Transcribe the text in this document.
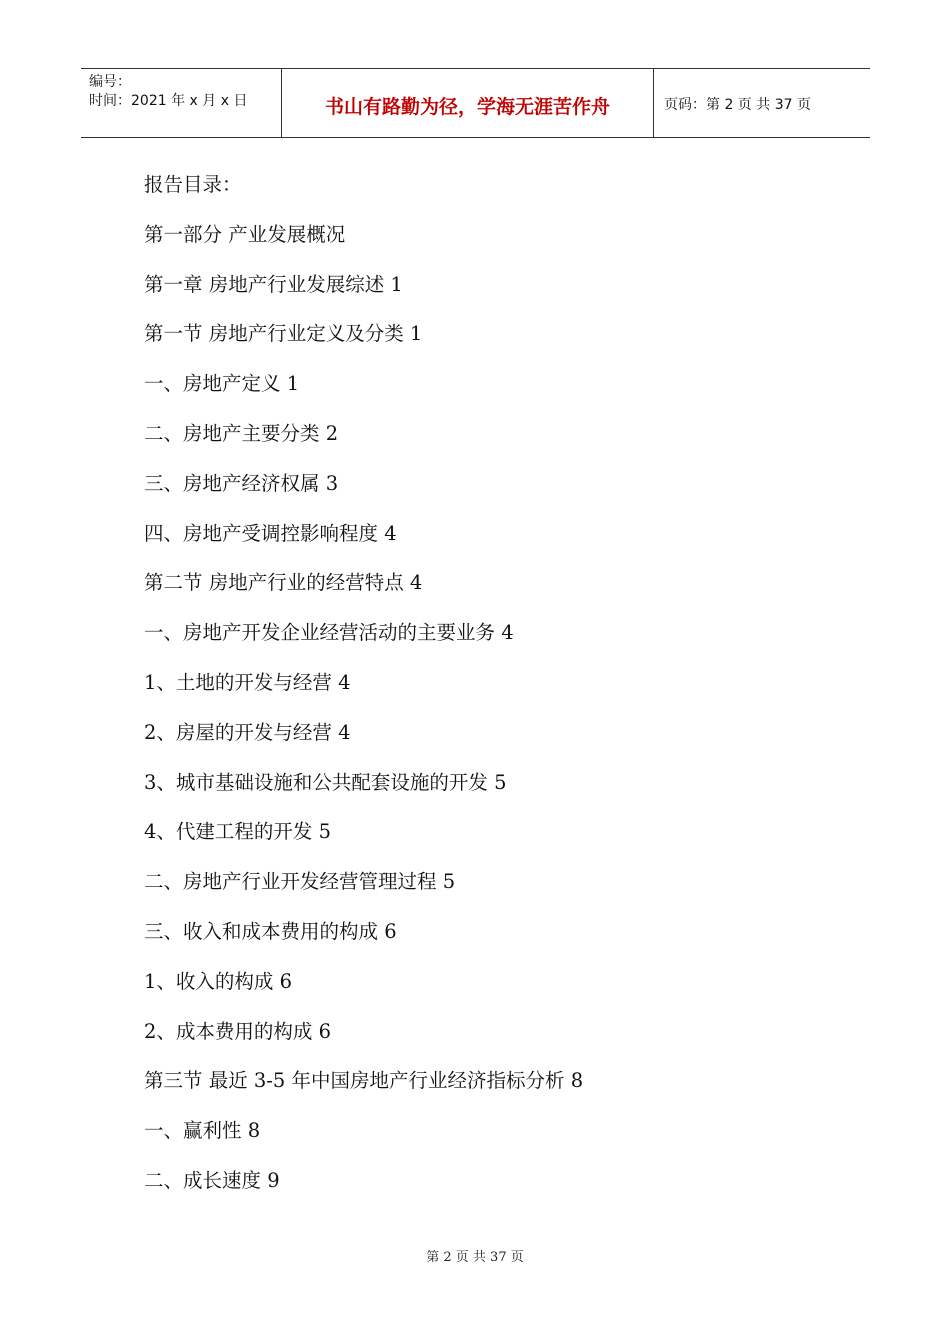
编号：
时间：2021 年 x 月 x 日	书山有路勤为径，学海无涯苦作舟	页码：第 2 页 共 37 页
报告目录：
第一部分 产业发展概况
第一章 房地产行业发展综述 1
第一节 房地产行业定义及分类 1
一、房地产定义 1
二、房地产主要分类 2
三、房地产经济权属 3
四、房地产受调控影响程度 4
第二节 房地产行业的经营特点 4
一、房地产开发企业经营活动的主要业务 4
1、土地的开发与经营 4
2、房屋的开发与经营 4
3、城市基础设施和公共配套设施的开发 5
4、代建工程的开发 5
二、房地产行业开发经营管理过程 5
三、收入和成本费用的构成 6
1、收入的构成 6
2、成本费用的构成 6
第三节 最近 3-5 年中国房地产行业经济指标分析 8
一、赢利性 8
二、成长速度 9
第 2 页 共 37 页
